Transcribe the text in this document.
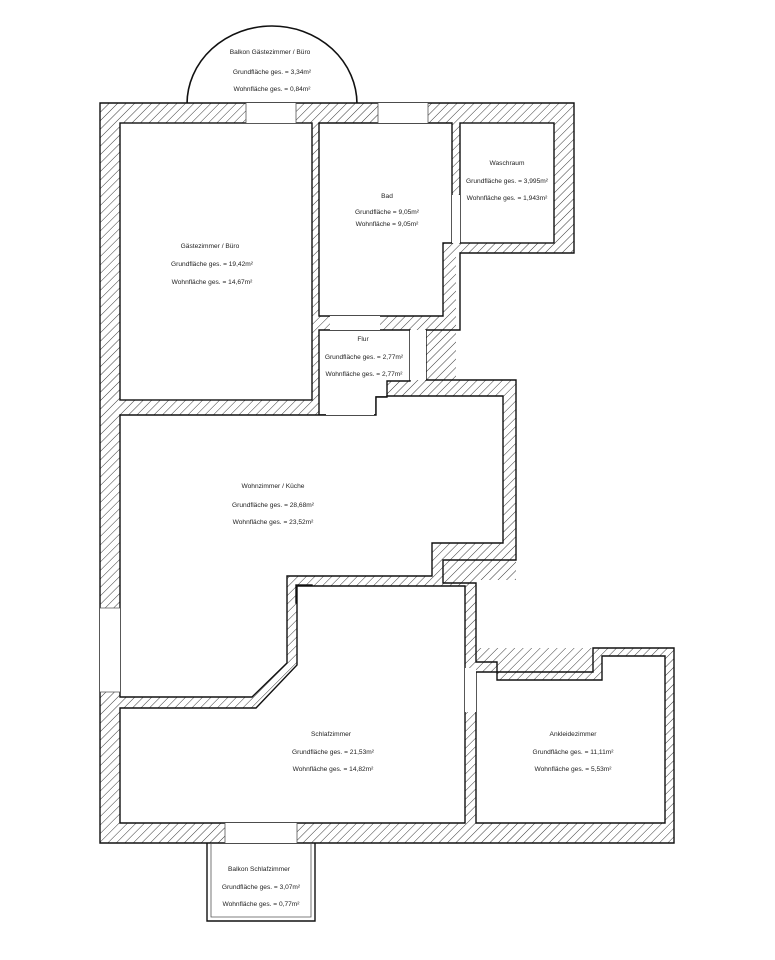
Balkon Gästezimmer / Büro
Grundfläche ges. = 3,34m²
Wohnfläche ges. = 0,84m²
Gästezimmer / Büro
Grundfläche ges. = 19,42m²
Wohnfläche ges. = 14,67m²
Bad
Grundfläche = 9,05m²
Wohnfläche = 9,05m²
Waschraum
Grundfläche ges. = 3,995m²
Wohnfläche ges. = 1,943m²
Flur
Grundfläche ges. = 2,77m²
Wohnfläche ges. = 2,77m²
Wohnzimmer / Küche
Grundfläche ges. = 28,68m²
Wohnfläche ges. = 23,52m²
Schlafzimmer
Grundfläche ges. = 21,53m²
Wohnfläche ges. = 14,82m²
Ankleidezimmer
Grundfläche ges. = 11,11m²
Wohnfläche ges. = 5,53m²
Balkon Schlafzimmer
Grundfläche ges. = 3,07m²
Wohnfläche ges. = 0,77m²
